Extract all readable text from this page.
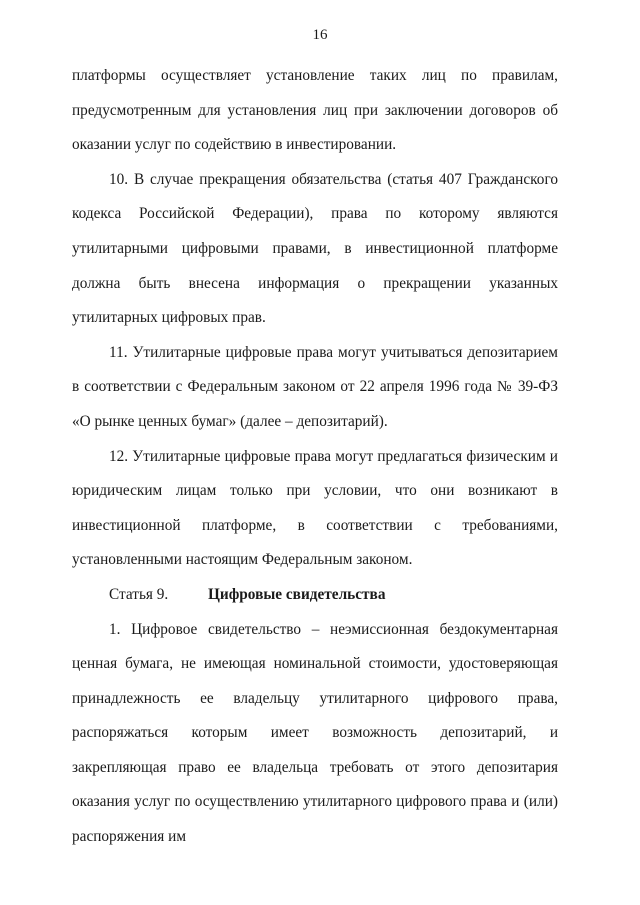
16

платформы осуществляет установление таких лиц по правилам, предусмотренным для установления лиц при заключении договоров об оказании услуг по содействию в инвестировании.

10. В случае прекращения обязательства (статья 407 Гражданского кодекса Российской Федерации), права по которому являются утилитарными цифровыми правами, в инвестиционной платформе должна быть внесена информация о прекращении указанных утилитарных цифровых прав.

11. Утилитарные цифровые права могут учитываться депозитарием в соответствии с Федеральным законом от 22 апреля 1996 года № 39-ФЗ «О рынке ценных бумаг» (далее – депозитарий).

12. Утилитарные цифровые права могут предлагаться физическим и юридическим лицам только при условии, что они возникают в инвестиционной платформе, в соответствии с требованиями, установленными настоящим Федеральным законом.

Статья 9.	Цифровые свидетельства

1. Цифровое свидетельство – неэмиссионная бездокументарная ценная бумага, не имеющая номинальной стоимости, удостоверяющая принадлежность ее владельцу утилитарного цифрового права, распоряжаться которым имеет возможность депозитарий, и закрепляющая право ее владельца требовать от этого депозитария оказания услуг по осуществлению утилитарного цифрового права и (или) распоряжения им
